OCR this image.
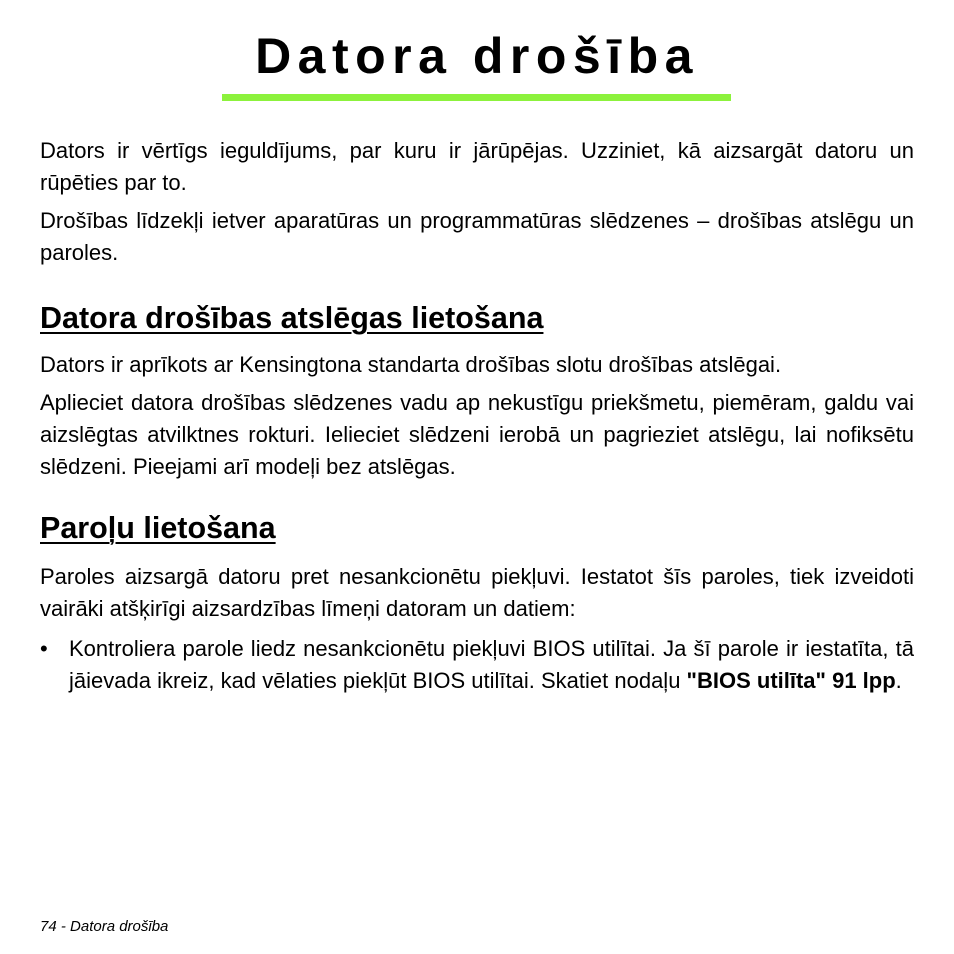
Datora drošība

Dators ir vērtīgs ieguldījums, par kuru ir jārūpējas. Uzziniet, kā aizsargāt datoru un rūpēties par to.

Drošības līdzekļi ietver aparatūras un programmatūras slēdzenes – drošības atslēgu un paroles.

Datora drošības atslēgas lietošana

Dators ir aprīkots ar Kensingtona standarta drošības slotu drošības atslēgai.

Aplieciet datora drošības slēdzenes vadu ap nekustīgu priekšmetu, piemēram, galdu vai aizslēgtas atvilktnes rokturi. Ielieciet slēdzeni ierobā un pagrieziet atslēgu, lai nofiksētu slēdzeni. Pieejami arī modeļi bez atslēgas.

Paroļu lietošana

Paroles aizsargā datoru pret nesankcionētu piekļuvi. Iestatot šīs paroles, tiek izveidoti vairāki atšķirīgi aizsardzības līmeņi datoram un datiem:

• Kontroliera parole liedz nesankcionētu piekļuvi BIOS utilītai. Ja šī parole ir iestatīta, tā jāievada ikreiz, kad vēlaties piekļūt BIOS utilītai. Skatiet nodaļu "BIOS utilīta" 91 lpp.
74 - Datora drošība
